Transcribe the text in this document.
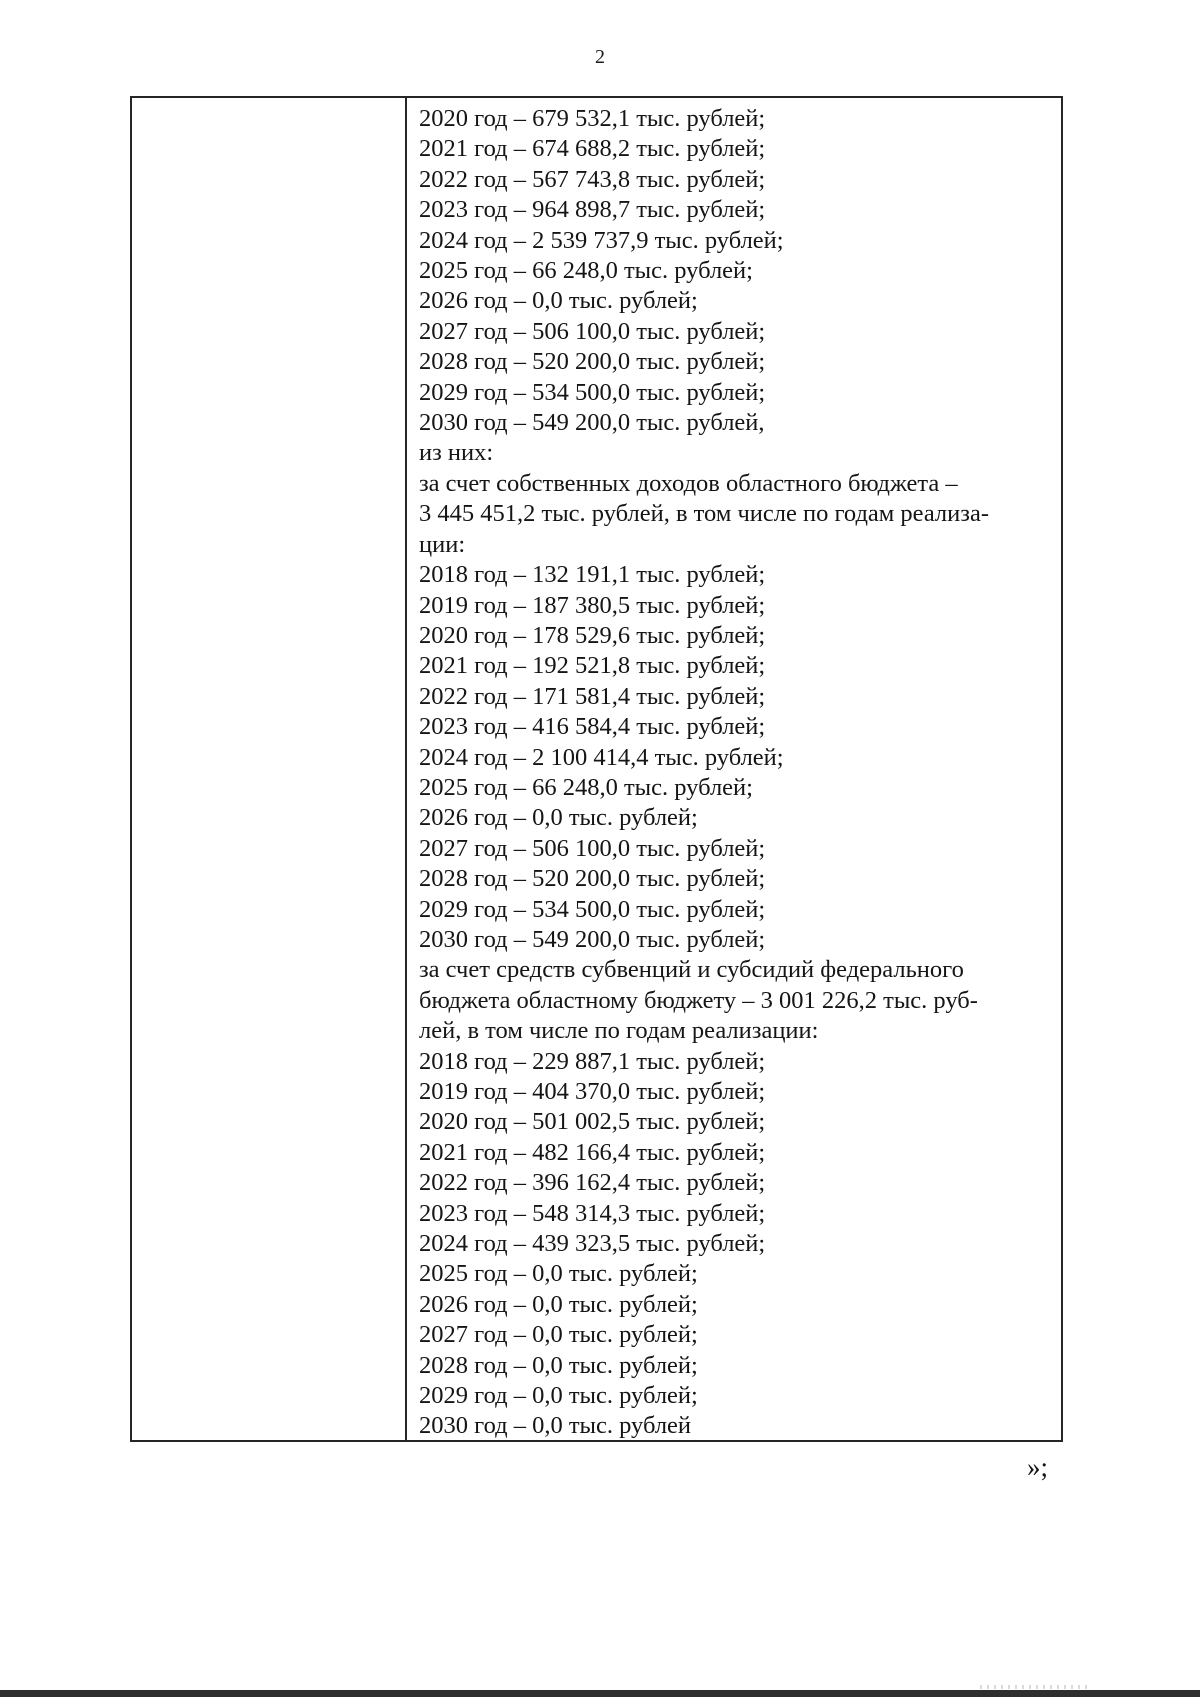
2
2020 год – 679 532,1 тыс. рублей;
2021 год – 674 688,2 тыс. рублей;
2022 год – 567 743,8 тыс. рублей;
2023 год – 964 898,7 тыс. рублей;
2024 год – 2 539 737,9 тыс. рублей;
2025 год – 66 248,0 тыс. рублей;
2026 год – 0,0 тыс. рублей;
2027 год – 506 100,0 тыс. рублей;
2028 год – 520 200,0 тыс. рублей;
2029 год – 534 500,0 тыс. рублей;
2030 год – 549 200,0 тыс. рублей,
из них:
за счет собственных доходов областного бюджета –
3 445 451,2 тыс. рублей, в том числе по годам реализа-
ции:
2018 год – 132 191,1 тыс. рублей;
2019 год – 187 380,5 тыс. рублей;
2020 год – 178 529,6 тыс. рублей;
2021 год – 192 521,8 тыс. рублей;
2022 год – 171 581,4 тыс. рублей;
2023 год – 416 584,4 тыс. рублей;
2024 год – 2 100 414,4 тыс. рублей;
2025 год – 66 248,0 тыс. рублей;
2026 год – 0,0 тыс. рублей;
2027 год – 506 100,0 тыс. рублей;
2028 год – 520 200,0 тыс. рублей;
2029 год – 534 500,0 тыс. рублей;
2030 год – 549 200,0 тыс. рублей;
за счет средств субвенций и субсидий федерального
бюджета областному бюджету – 3 001 226,2 тыс. руб-
лей, в том числе по годам реализации:
2018 год – 229 887,1 тыс. рублей;
2019 год – 404 370,0 тыс. рублей;
2020 год – 501 002,5 тыс. рублей;
2021 год – 482 166,4 тыс. рублей;
2022 год – 396 162,4 тыс. рублей;
2023 год – 548 314,3 тыс. рублей;
2024 год – 439 323,5 тыс. рублей;
2025 год – 0,0 тыс. рублей;
2026 год – 0,0 тыс. рублей;
2027 год – 0,0 тыс. рублей;
2028 год – 0,0 тыс. рублей;
2029 год – 0,0 тыс. рублей;
2030 год – 0,0 тыс. рублей
»;
